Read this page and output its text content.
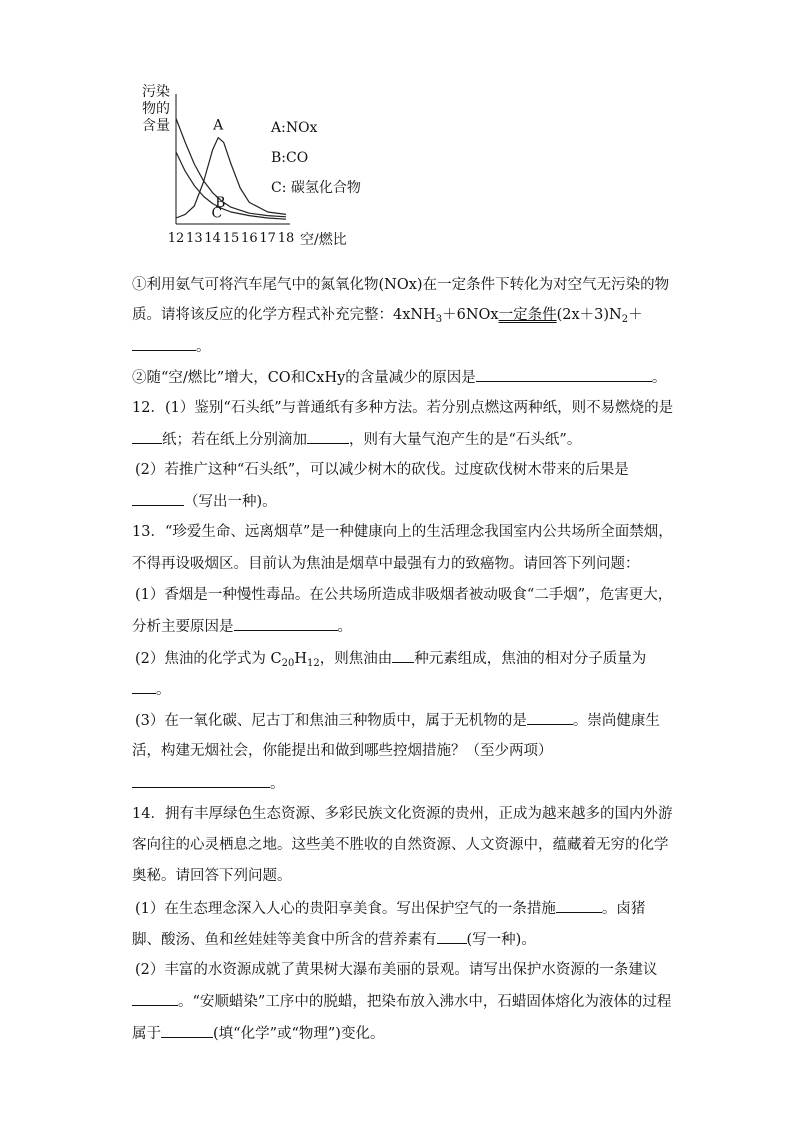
污染
物的
含量	A
B
C
12 13 14 15 16 17 18 空/燃比
A:NOx
B:CO
C: 碳氢化合物
①利用氨气可将汽车尾气中的氮氧化物(NOx)在一定条件下转化为对空气无污染的物
质。请将该反应的化学方程式补充完整：4xNH$_3$＋6NOx一定条件$(2x+3)N_2+$
。
②随“空/燃比”增大，CO和CxHy的含量减少的原因是	。
12．(1）鉴别“石头纸”与普通纸有多种方法。若分别点燃这两种纸，则不易燃烧的是
纸；若在纸上分别滴加	，则有大量气泡产生的是“石头纸”。
(2）若推广这种“石头纸”，可以减少树木的砍伐。过度砍伐树木带来的后果是
（写出一种)。
13．“珍爱生命、远离烟草”是一种健康向上的生活理念我国室内公共场所全面禁烟，
不得再设吸烟区。目前认为焦油是烟草中最强有力的致癌物。请回答下列问题：
(1）香烟是一种慢性毒品。在公共场所造成非吸烟者被动吸食“二手烟”，危害更大，
分析主要原因是	。
(2）焦油的化学式为 $C_{20}H_{12}$，则焦油由 种元素组成，焦油的相对分子质量为
。
(3）在一氧化碳、尼古丁和焦油三种物质中，属于无机物的是	。崇尚健康生
活，构建无烟社会，你能提出和做到哪些控烟措施？（至少两项）
。
14．拥有丰厚绿色生态资源、多彩民族文化资源的贵州，正成为越来越多的国内外游
客向往的心灵栖息之地。这些美不胜收的自然资源、人文资源中，蕴藏着无穷的化学
奥秘。请回答下列问题。
(1）在生态理念深入人心的贵阳享美食。写出保护空气的一条措施	。卤猪
脚、酸汤、鱼和丝娃娃等美食中所含的营养素有 (写一种)。
(2）丰富的水资源成就了黄果树大瀑布美丽的景观。请写出保护水资源的一条建议
。“安顺蜡染”工序中的脱蜡，把染布放入沸水中，石蜡固体熔化为液体的过程
属于	(填“化学”或“物理”)变化。
